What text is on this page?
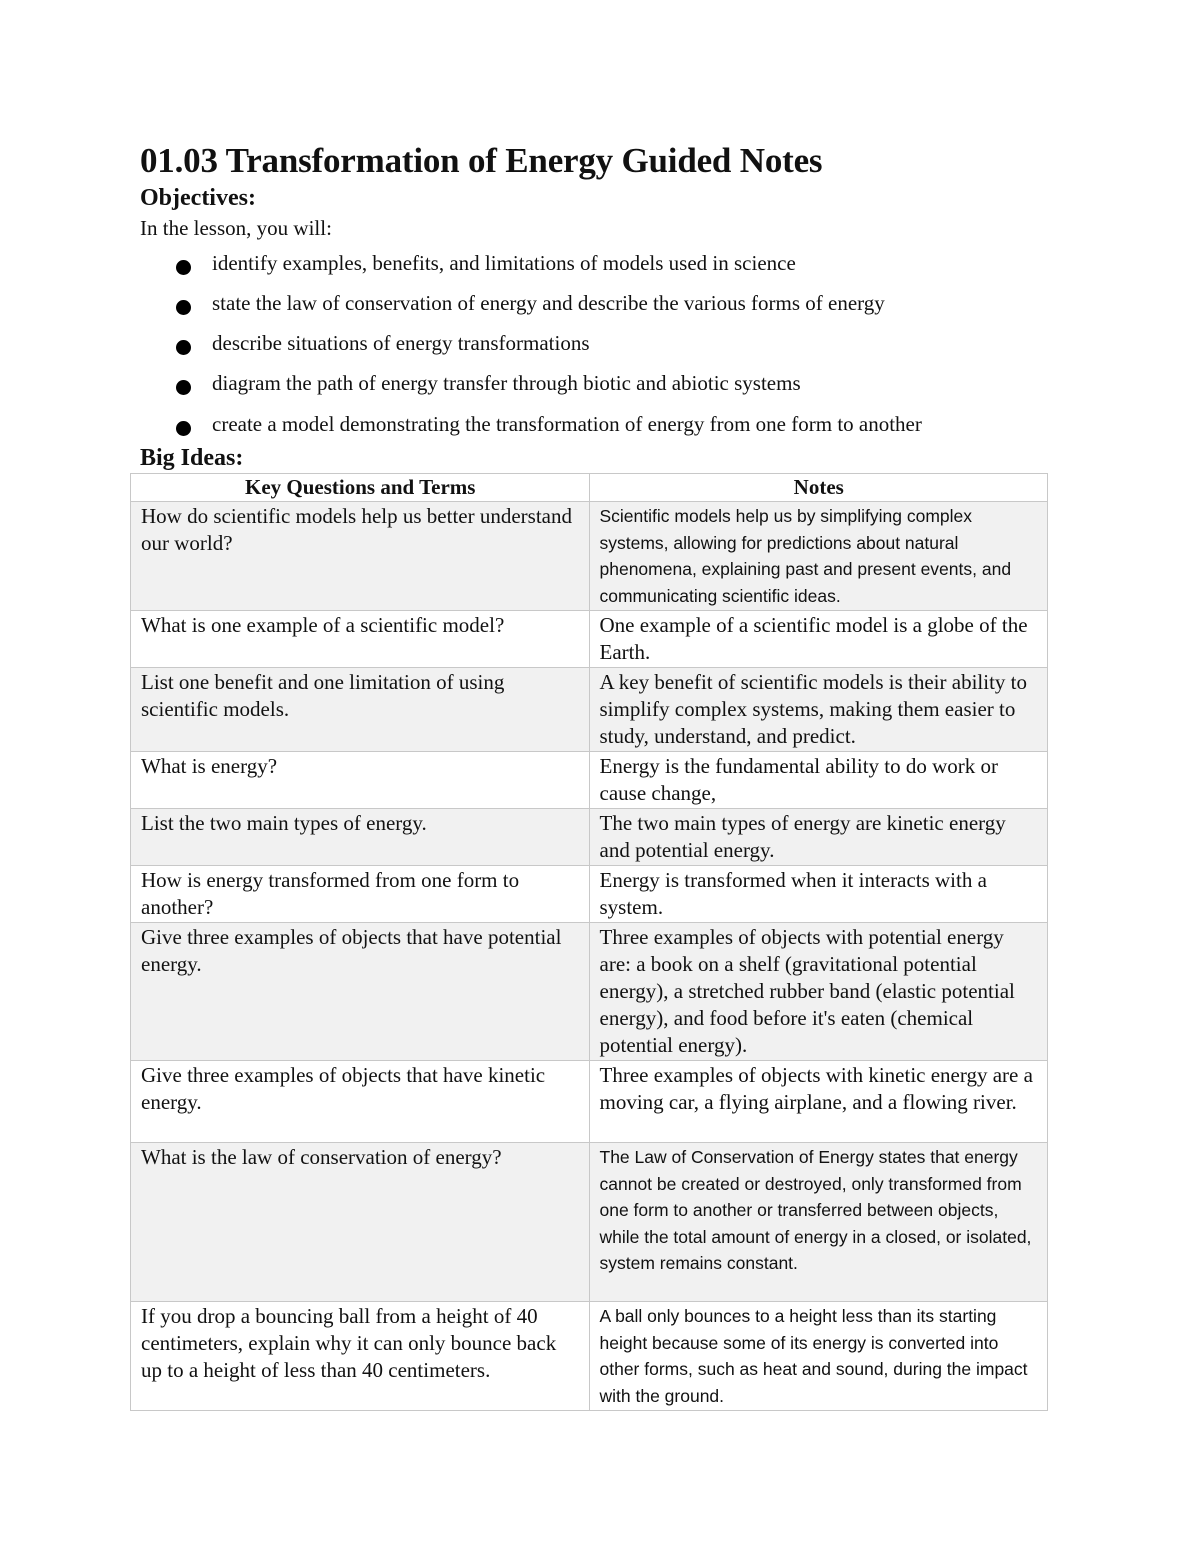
01.03 Transformation of Energy Guided Notes
Objectives:

In the lesson, you will:

identify examples, benefits, and limitations of models used in science
state the law of conservation of energy and describe the various forms of energy
describe situations of energy transformations
diagram the path of energy transfer through biotic and abiotic systems
create a model demonstrating the transformation of energy from one form to another
Big Ideas:
Key Questions and Terms	Notes
How do scientific models help us better understand our world?	Scientific models help us by simplifying complex systems, allowing for predictions about natural phenomena, explaining past and present events, and communicating scientific ideas.
What is one example of a scientific model?	One example of a scientific model is a globe of the Earth.
List one benefit and one limitation of using scientific models.	A key benefit of scientific models is their ability to simplify complex systems, making them easier to study, understand, and predict.
What is energy?	Energy is the fundamental ability to do work or cause change,
List the two main types of energy.	The two main types of energy are kinetic energy and potential energy.
How is energy transformed from one form to another?	Energy is transformed when it interacts with a system.
Give three examples of objects that have potential energy.	Three examples of objects with potential energy are: a book on a shelf (gravitational potential energy), a stretched rubber band (elastic potential energy), and food before it's eaten (chemical potential energy).
Give three examples of objects that have kinetic energy.	Three examples of objects with kinetic energy are a moving car, a flying airplane, and a flowing river.
What is the law of conservation of energy?	The Law of Conservation of Energy states that energy cannot be created or destroyed, only transformed from one form to another or transferred between objects, while the total amount of energy in a closed, or isolated, system remains constant.
If you drop a bouncing ball from a height of 40 centimeters, explain why it can only bounce back up to a height of less than 40 centimeters.	A ball only bounces to a height less than its starting height because some of its energy is converted into other forms, such as heat and sound, during the impact with the ground.
